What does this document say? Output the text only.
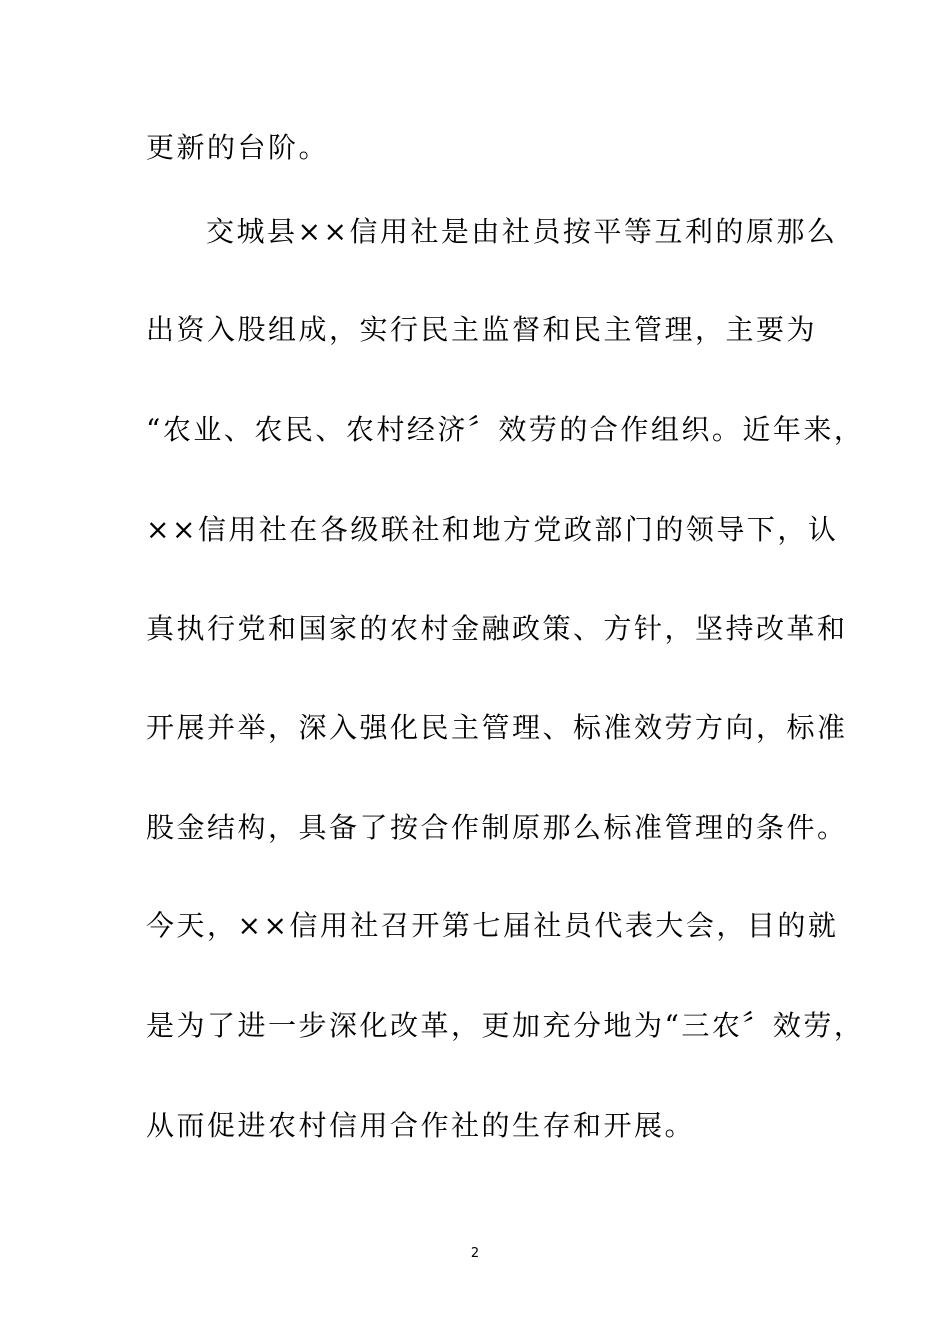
更新的台阶。
交城县××信用社是由社员按平等互利的原那么
出资入股组成，实行民主监督和民主管理，主要为
“农业、农民、农村经济〞效劳的合作组织。近年来，
××信用社在各级联社和地方党政部门的领导下，认
真执行党和国家的农村金融政策、方针，坚持改革和
开展并举，深入强化民主管理、标准效劳方向，标准
股金结构，具备了按合作制原那么标准管理的条件。
今天，××信用社召开第七届社员代表大会，目的就
是为了进一步深化改革，更加充分地为“三农〞效劳，
从而促进农村信用合作社的生存和开展。
2
